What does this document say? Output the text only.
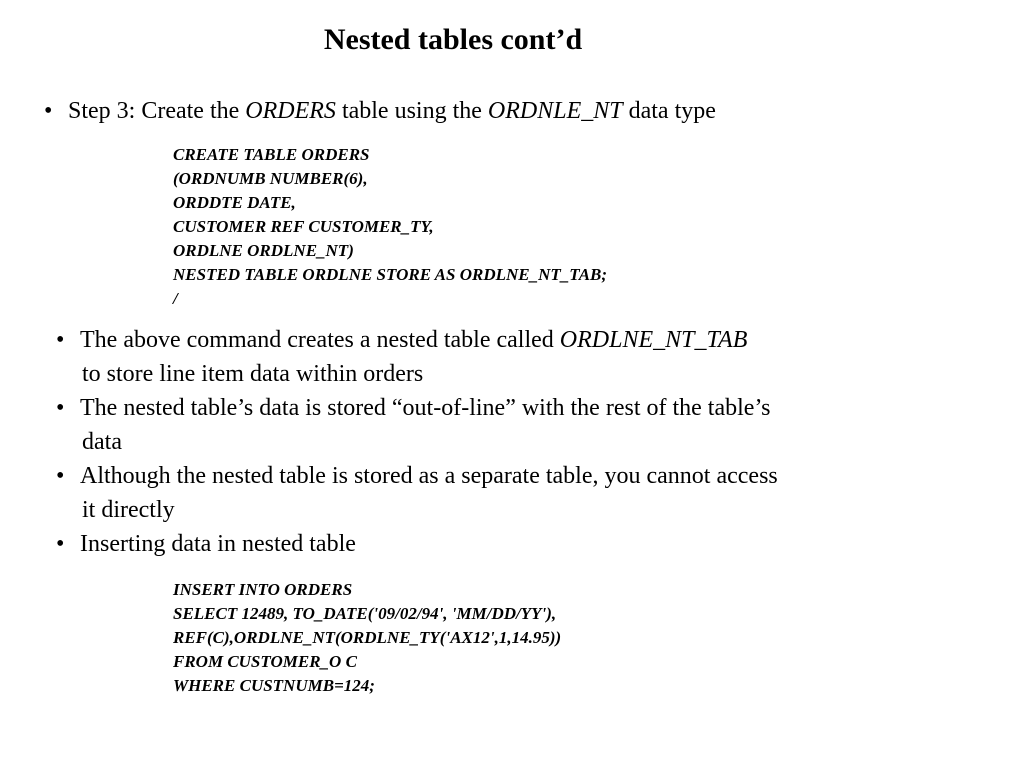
Nested tables cont’d
• Step 3: Create the ORDERS table using the ORDNLE_NT data type
CREATE TABLE ORDERS
(ORDNUMB NUMBER(6),
ORDDTE DATE,
CUSTOMER REF CUSTOMER_TY,
ORDLNE ORDLNE_NT)
NESTED TABLE ORDLNE STORE AS ORDLNE_NT_TAB;
/
• The above command creates a nested table called ORDLNE_NT_TAB
to store line item data within orders
• The nested table’s data is stored “out-of-line” with the rest of the table’s
data
• Although the nested table is stored as a separate table, you cannot access
it directly
• Inserting data in nested table
INSERT INTO ORDERS
SELECT 12489, TO_DATE('09/02/94', 'MM/DD/YY'),
REF(C),ORDLNE_NT(ORDLNE_TY('AX12',1,14.95))
FROM CUSTOMER_O C
WHERE CUSTNUMB=124;
